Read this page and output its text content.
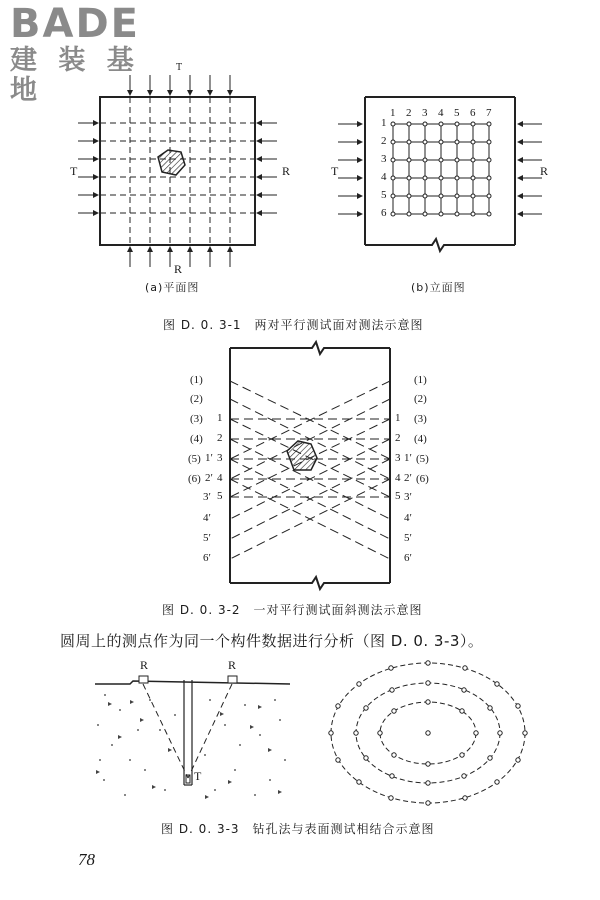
BADE
建 装 基 地
T
T	R
R
(a)平面图
1 2 3 4 5 6 7
1
2
3
4
5
6
T	R
(b)立面图
图 D. 0. 3-1　两对平行测试面对测法示意图
(1)
(2)
(3)
(4)
(5)
(6)
1
2
3
4
5
1′
2′
3′
4′
5′
6′
1
2
3
4
5
1′
2′
3′
4′
5′
6′
(1)
(2)
(3)
(4)
(5)
(6)
图 D. 0. 3-2　一对平行测试面斜测法示意图
圆周上的测点作为同一个构件数据进行分析（图 D. 0. 3-3）。
R	R
T
图 D. 0. 3-3　钻孔法与表面测试相结合示意图
78
